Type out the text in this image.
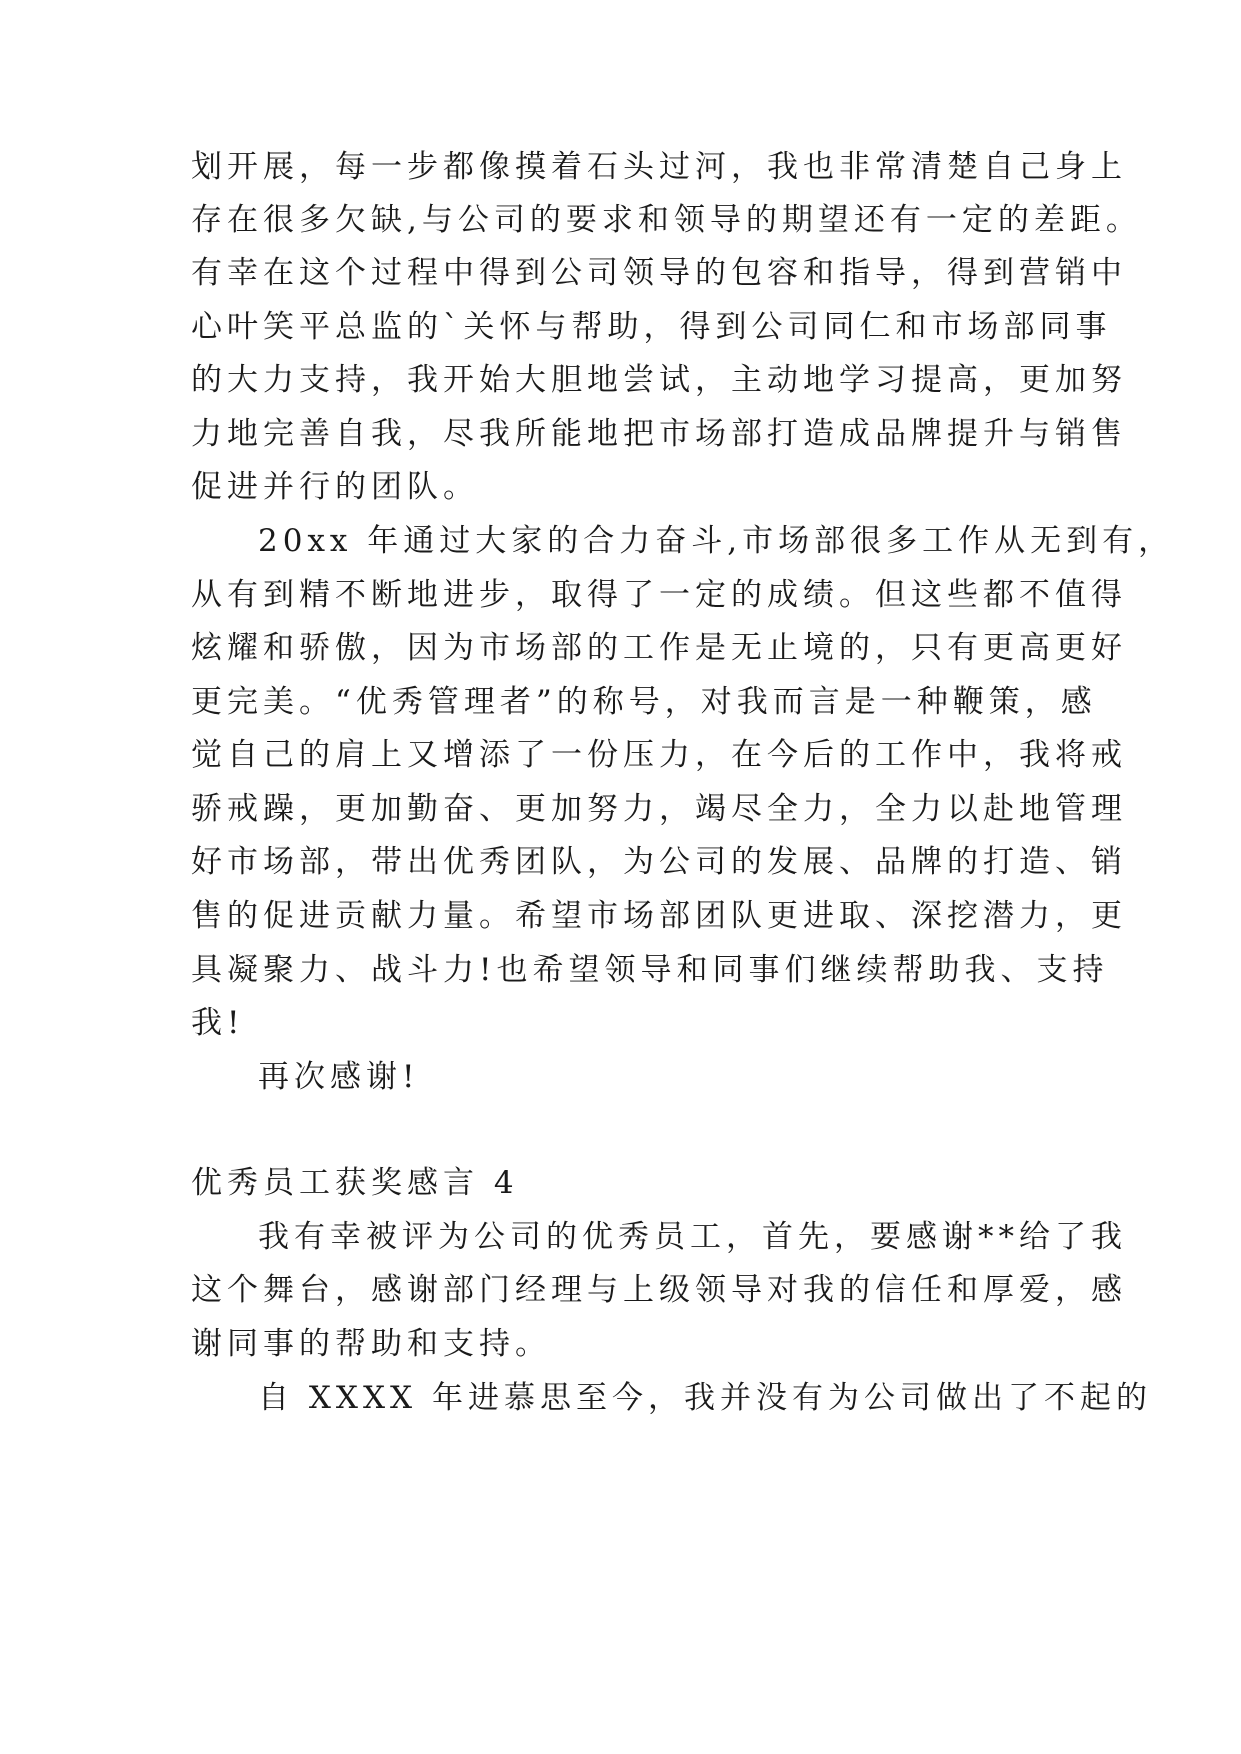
划开展，每一步都像摸着石头过河，我也非常清楚自己身上

存在很多欠缺,与公司的要求和领导的期望还有一定的差距。

有幸在这个过程中得到公司领导的包容和指导，得到营销中

心叶笑平总监的`关怀与帮助，得到公司同仁和市场部同事

的大力支持，我开始大胆地尝试，主动地学习提高，更加努

力地完善自我，尽我所能地把市场部打造成品牌提升与销售

促进并行的团队。

20xx 年通过大家的合力奋斗,市场部很多工作从无到有，

从有到精不断地进步，取得了一定的成绩。但这些都不值得

炫耀和骄傲，因为市场部的工作是无止境的，只有更高更好

更完美。“优秀管理者”的称号，对我而言是一种鞭策，感

觉自己的肩上又增添了一份压力，在今后的工作中，我将戒

骄戒躁，更加勤奋、更加努力，竭尽全力，全力以赴地管理

好市场部，带出优秀团队，为公司的发展、品牌的打造、销

售的促进贡献力量。希望市场部团队更进取、深挖潜力，更

具凝聚力、战斗力!也希望领导和同事们继续帮助我、支持

我!

再次感谢!

优秀员工获奖感言 4

我有幸被评为公司的优秀员工，首先，要感谢**给了我

这个舞台，感谢部门经理与上级领导对我的信任和厚爱，感

谢同事的帮助和支持。

自 XXXX 年进慕思至今，我并没有为公司做出了不起的
